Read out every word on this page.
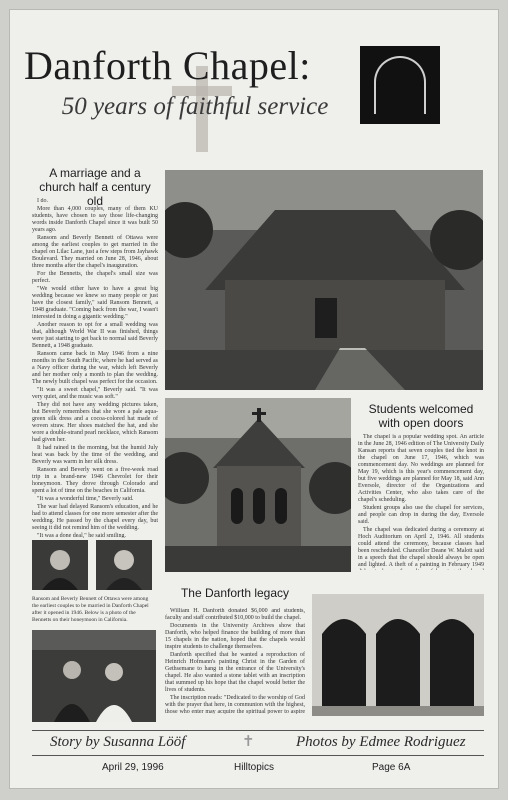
Danforth Chapel:
50 years of faithful service
A marriage and a church half a century old

I do.

More than 4,000 couples, many of them KU students, have chosen to say those life-changing words inside Danforth Chapel since it was built 50 years ago.

Ransom and Beverly Bennett of Ottawa were among the earliest couples to get married in the chapel on Lilac Lane, just a few steps from Jayhawk Boulevard. They married on June 28, 1946, about three months after the chapel's inauguration.

For the Bennetts, the chapel's small size was perfect.

"We would either have to have a great big wedding because we knew so many people or just have the closest family," said Ransom Bennett, a 1948 graduate. "Coming back from the war, I wasn't interested in doing a gigantic wedding."

Another reason to opt for a small wedding was that, although World War II was finished, things were just starting to get back to normal said Beverly Bennett, a 1948 graduate.

Ransom came back in May 1946 from a nine months in the South Pacific, where he had served as a Navy officer during the war, which left Beverly and her mother only a month to plan the wedding. The newly built chapel was perfect for the occasion.

"It was a sweet chapel," Beverly said. "It was very quiet, and the music was soft."

They did not have any wedding pictures taken, but Beverly remembers that she wore a pale aqua-green silk dress and a cocoa-colored hat made of woven straw. Her shoes matched the hat, and she wore a double-strand pearl necklace, which Ransom had given her.

It had rained in the morning, but the humid July heat was back by the time of the wedding, and Beverly was warm in her silk dress.

Ransom and Beverly went on a five-week road trip in a brand-new 1946 Chevrolet for their honeymoon. They drove through Colorado and spent a lot of time on the beaches in California.

"It was a wonderful time," Beverly said.

The war had delayed Ransom's education, and he had to attend classes for one more semester after the wedding. He passed by the chapel every day, but seeing it did not remind him of the wedding.

"It was a done deal," he said smiling.

Students welcomed with open doors

The chapel is a popular wedding spot. An article in the June 28, 1946 edition of The University Daily Kansan reports that seven couples tied the knot in the chapel on June 17, 1946, which was commencement day. No weddings are planned for May 19, which is this year's commencement day, but five weddings are planned for May 18, said Ann Eversole, director of the Organizations and Activities Center, who also takes care of the chapel's scheduling.

Student groups also use the chapel for services, and people can drop in during the day, Eversole said.

The chapel was dedicated during a ceremony at Hoch Auditorium on April 2, 1946. All students could attend the ceremony, because classes had been rescheduled. Chancellor Deane W. Malott said in a speech that the chapel should always be open and lighted. A theft of a painting in February 1949

Ransom and Beverly Bennett of Ottawa were among the earliest couples to be married in Danforth Chapel after it opened in 1946. Below is a photo of the Bennetts on their honeymoon in California.
The Danforth legacy

William H. Danforth donated $6,000 and students, faculty and staff contributed $10,000 to build the chapel.

Documents in the University Archives show that Danforth, who helped finance the building of more than 15 chapels in the nation, hoped that the chapels would inspire students to challenge themselves.

Danforth specified that he wanted a reproduction of Heinrich Hofmann's painting Christ in the Garden of Gethsemane to hang in the entrance of the University's chapel. He also wanted a stone tablet with an inscription that summed up his hope that the chapel would better the lives of students.

The inscription reads: "Dedicated to the worship of God with the prayer that here, in communion with the highest, those who enter may acquire the spiritual power to aspire

Story by Susanna Lööf	✝	Photos by Edmee Rodriguez
April 29, 1996	Hilltopics	Page 6A
